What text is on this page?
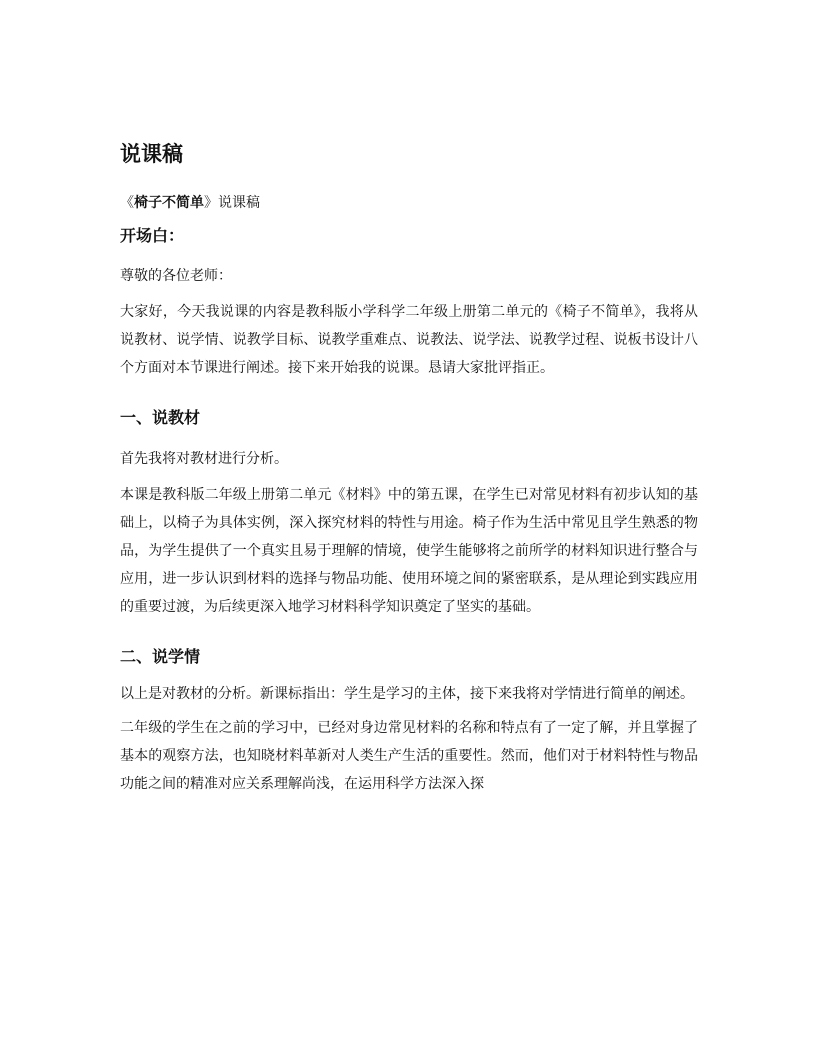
说课稿
《椅子不简单》说课稿
开场白：

尊敬的各位老师：

大家好，今天我说课的内容是教科版小学科学二年级上册第二单元的《椅子不简单》，我将从说教材、说学情、说教学目标、说教学重难点、说教法、说学法、说教学过程、说板书设计八个方面对本节课进行阐述。接下来开始我的说课。恳请大家批评指正。

一、说教材

首先我将对教材进行分析。

本课是教科版二年级上册第二单元《材料》中的第五课，在学生已对常见材料有初步认知的基础上，以椅子为具体实例，深入探究材料的特性与用途。椅子作为生活中常见且学生熟悉的物品，为学生提供了一个真实且易于理解的情境，使学生能够将之前所学的材料知识进行整合与应用，进一步认识到材料的选择与物品功能、使用环境之间的紧密联系，是从理论到实践应用的重要过渡，为后续更深入地学习材料科学知识奠定了坚实的基础。

二、说学情

以上是对教材的分析。新课标指出：学生是学习的主体，接下来我将对学情进行简单的阐述。

二年级的学生在之前的学习中，已经对身边常见材料的名称和特点有了一定了解，并且掌握了基本的观察方法，也知晓材料革新对人类生产生活的重要性。然而，他们对于材料特性与物品功能之间的精准对应关系理解尚浅，在运用科学方法深入探
